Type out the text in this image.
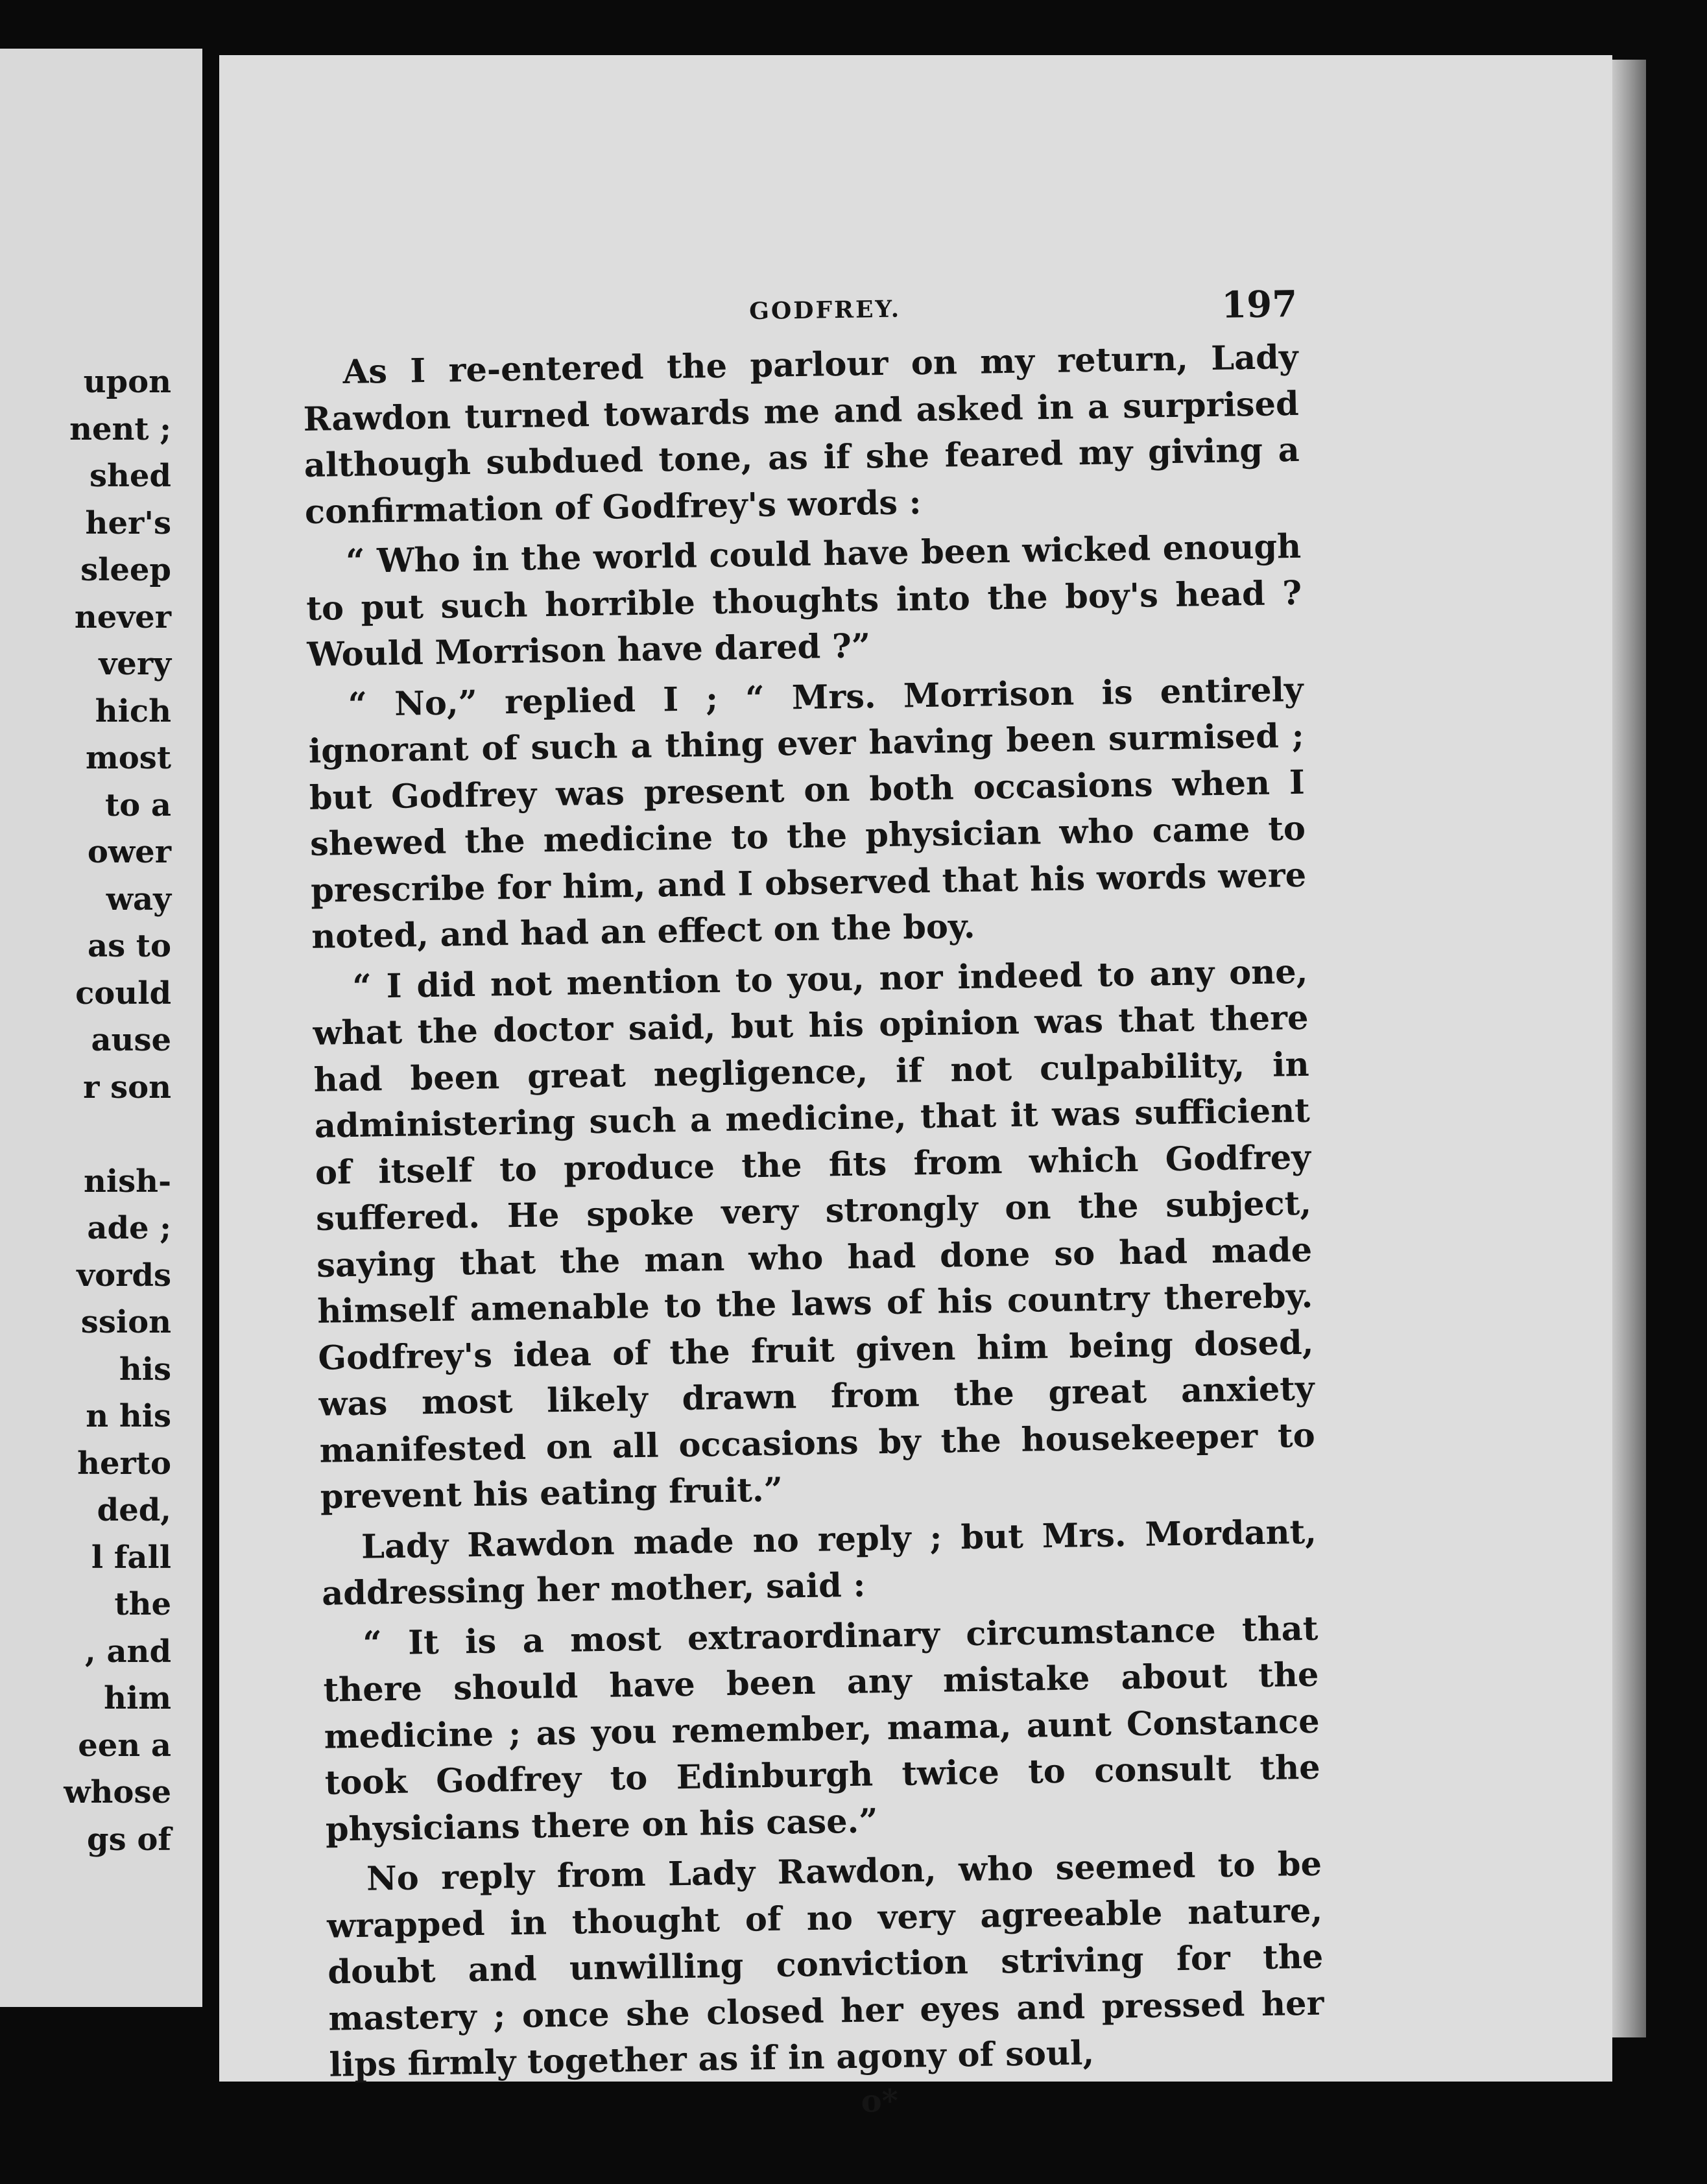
upon
nent ;
shed
her's
sleep
never
very
hich
most
to a
ower
way
as to
could
ause
r son

nish-
ade ;
vords
ssion
his
n his
herto
ded,
l fall
the
, and
him
een a
whose
gs of
GODFREY.	197

As I re-entered the parlour on my return, Lady Rawdon turned towards me and asked in a surprised although subdued tone, as if she feared my giving a confirmation of Godfrey's words :

“ Who in the world could have been wicked enough to put such horrible thoughts into the boy's head ? Would Morrison have dared ?”

“ No,” replied I ; “ Mrs. Morrison is entirely ignorant of such a thing ever having been surmised ; but Godfrey was present on both occasions when I shewed the medicine to the physician who came to prescribe for him, and I observed that his words were noted, and had an effect on the boy.

“ I did not mention to you, nor indeed to any one, what the doctor said, but his opinion was that there had been great negligence, if not culpability, in administering such a medicine, that it was sufficient of itself to produce the fits from which Godfrey suffered. He spoke very strongly on the subject, saying that the man who had done so had made himself amenable to the laws of his country thereby. Godfrey's idea of the fruit given him being dosed, was most likely drawn from the great anxiety manifested on all occasions by the housekeeper to prevent his eating fruit.”

Lady Rawdon made no reply ; but Mrs. Mordant, addressing her mother, said :

“ It is a most extraordinary circumstance that there should have been any mistake about the medicine ; as you remember, mama, aunt Constance took Godfrey to Edinburgh twice to consult the physicians there on his case.”

No reply from Lady Rawdon, who seemed to be wrapped in thought of no very agreeable nature, doubt and unwilling conviction striving for the mastery ; once she closed her eyes and pressed her lips firmly together as if in agony of soul,

o*
